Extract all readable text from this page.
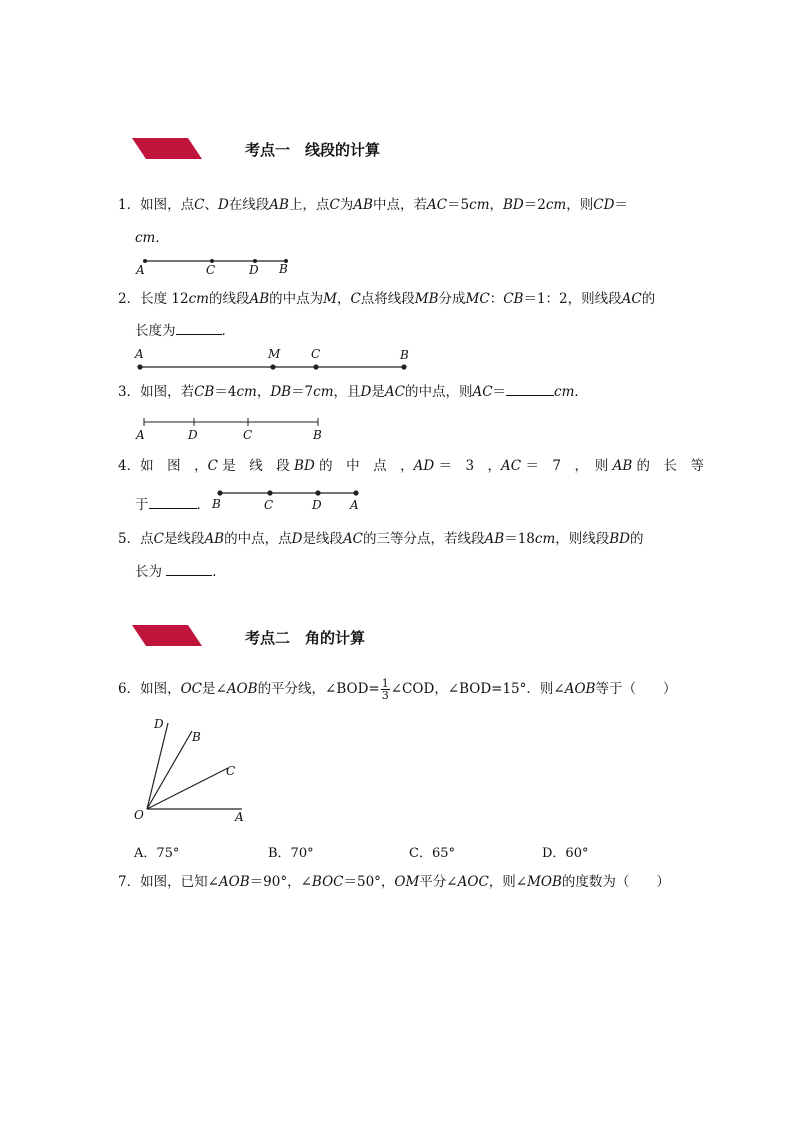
考点一　线段的计算
1．如图，点C、D在线段AB上，点C为AB中点，若AC＝5cm，BD＝2cm，则CD＝
cm．
A	C	D B
2．长度 12cm的线段AB的中点为M，C点将线段MB分成MC：CB＝1：2，则线段AC的
长度为	．
A	M	C	B
3．如图，若CB＝4cm，DB＝7cm，且D是AC的中点，则AC＝	cm．
A	D	C	B
4．如　图　，C 是　线　段 BD 的　中　点　，AD ＝　3　，AC ＝　7　，　则 AB 的　长　等
于	． B	C	D A
5．点C是线段AB的中点，点D是线段AC的三等分点，若线段AB＝18cm，则线段BD的
长为	．
考点二　角的计算
6．如图，OC是∠AOB的平分线，∠BOD= $\frac{1}{3}$ ∠COD，∠BOD=15°．则∠AOB等于（　　）
D
B
C
O	A
A．75°	B．70°	C．65°	D．60°
7．如图，已知∠AOB＝90°，∠BOC＝50°，OM平分∠AOC，则∠MOB的度数为（　　）
